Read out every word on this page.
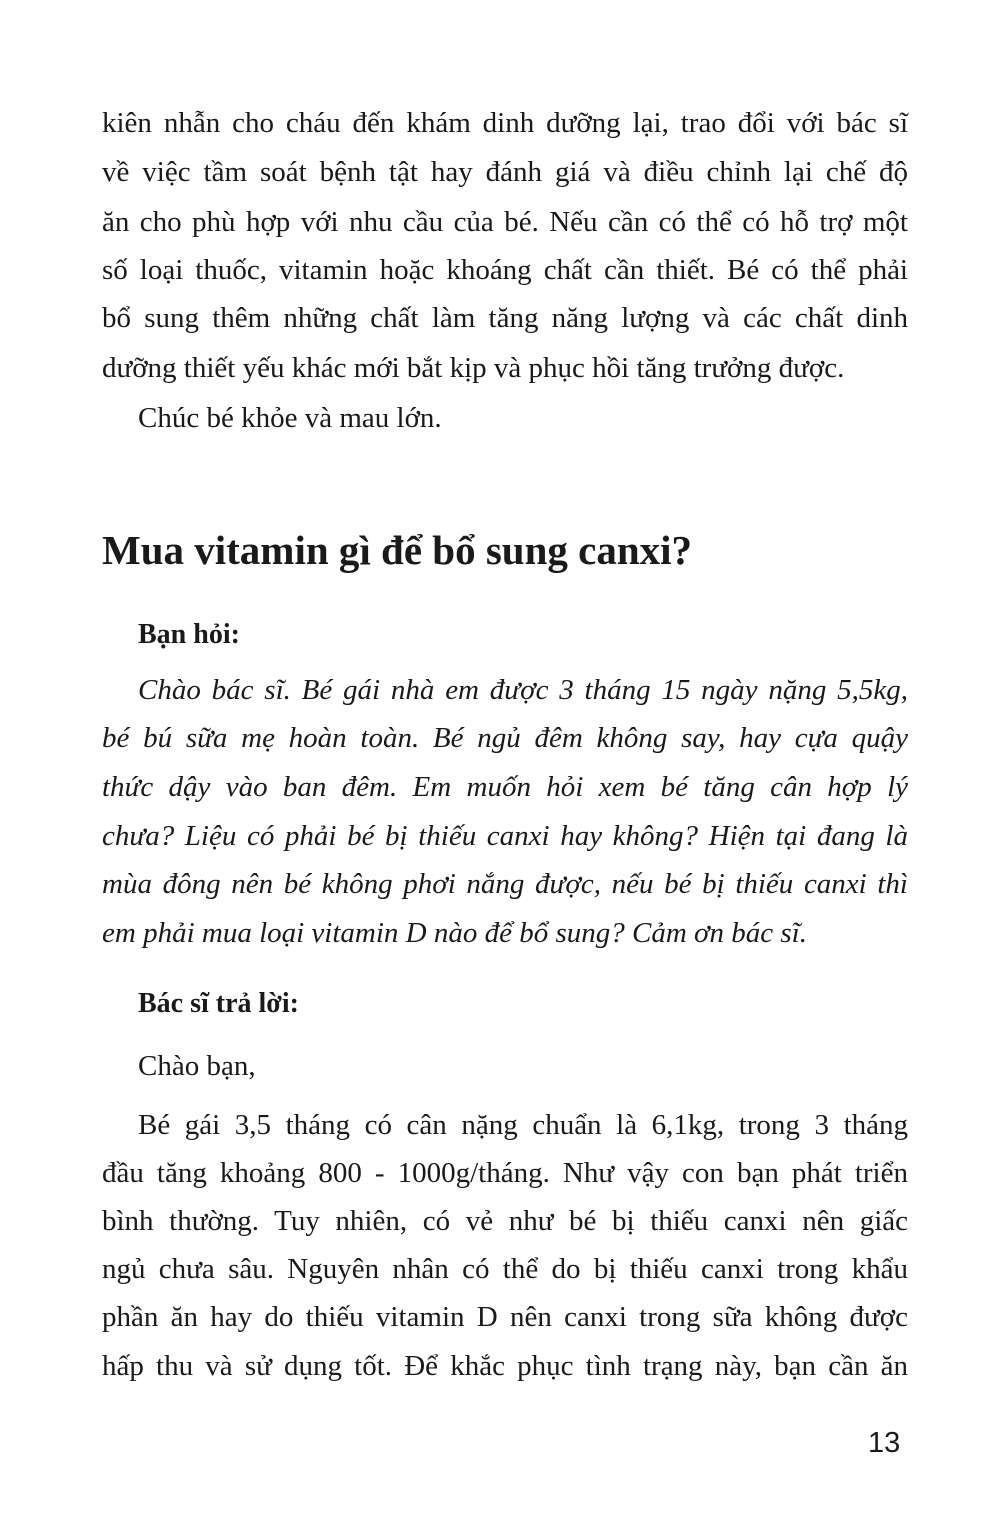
kiên nhẫn cho cháu đến khám dinh dưỡng lại, trao đổi với bác sĩ
về việc tầm soát bệnh tật hay đánh giá và điều chỉnh lại chế độ
ăn cho phù hợp với nhu cầu của bé. Nếu cần có thể có hỗ trợ một
số loại thuốc, vitamin hoặc khoáng chất cần thiết. Bé có thể phải
bổ sung thêm những chất làm tăng năng lượng và các chất dinh
dưỡng thiết yếu khác mới bắt kịp và phục hồi tăng trưởng được.
Chúc bé khỏe và mau lớn.
Mua vitamin gì để bổ sung canxi?
Bạn hỏi:
Chào bác sĩ. Bé gái nhà em được 3 tháng 15 ngày nặng 5,5kg,
bé bú sữa mẹ hoàn toàn. Bé ngủ đêm không say, hay cựa quậy
thức dậy vào ban đêm. Em muốn hỏi xem bé tăng cân hợp lý
chưa? Liệu có phải bé bị thiếu canxi hay không? Hiện tại đang là
mùa đông nên bé không phơi nắng được, nếu bé bị thiếu canxi thì
em phải mua loại vitamin D nào để bổ sung? Cảm ơn bác sĩ.
Bác sĩ trả lời:
Chào bạn,
Bé gái 3,5 tháng có cân nặng chuẩn là 6,1kg, trong 3 tháng
đầu tăng khoảng 800 - 1000g/tháng. Như vậy con bạn phát triển
bình thường. Tuy nhiên, có vẻ như bé bị thiếu canxi nên giấc
ngủ chưa sâu. Nguyên nhân có thể do bị thiếu canxi trong khẩu
phần ăn hay do thiếu vitamin D nên canxi trong sữa không được
hấp thu và sử dụng tốt. Để khắc phục tình trạng này, bạn cần ăn
13
